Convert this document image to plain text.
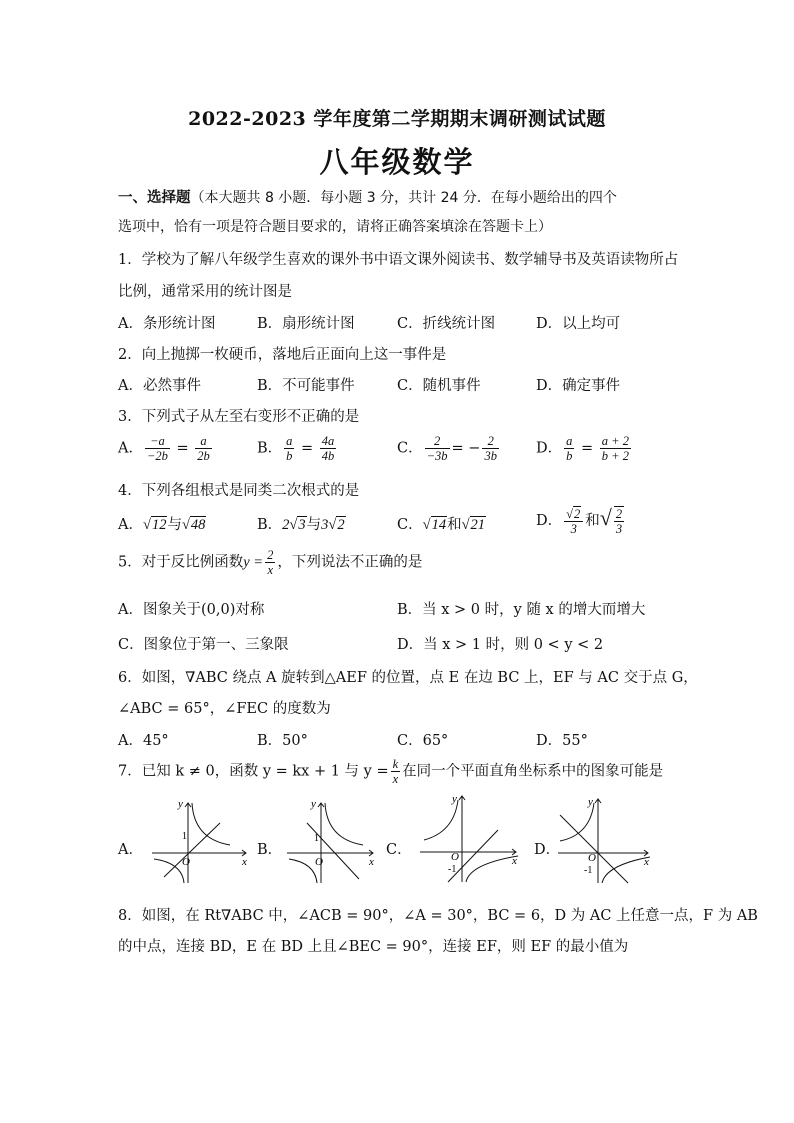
2022-2023 学年度第二学期期末调研测试试题
八年级数学
一、选择题（本大题共 8 小题．每小题 3 分，共计 24 分．在每小题给出的四个
选项中，恰有一项是符合题目要求的，请将正确答案填涂在答题卡上）
1．学校为了解八年级学生喜欢的课外书中语文课外阅读书、数学辅导书及英语读物所占
比例，通常采用的统计图是
A．条形统计图	B．扇形统计图	C．折线统计图	D．以上均可
2．向上抛掷一枚硬币，落地后正面向上这一事件是
A．必然事件	B．不可能事件	C．随机事件	D．确定事件
3．下列式子从左至右变形不正确的是
A． $\frac{-a}{-2b} = \frac{a}{2b}$	B． $\frac{a}{b} = \frac{4a}{4b}$	C． $\frac{2}{-3b}$ = − $\frac{2}{3b}$	D． $\frac{a}{b} = \frac{a + 2}{b + 2}$
4．下列各组根式是同类二次根式的是
A．√12与√48	B．2√3与3√2	C．√14和√21	D． $\frac{√2}{3}$ 和√ $\frac{2}{3}$
5．对于反比例函数$y = \frac{2}{x}$ ，下列说法不正确的是
A．图象关于(0,0)对称	B．当 x > 0 时，y 随 x 的增大而增大
C．图象位于第一、三象限	D．当 x > 1 时，则 0 < y < 2
6．如图，∇ABC 绕点 A 旋转到△AEF 的位置，点 E 在边 BC 上，EF 与 AC 交于点 G，
∠ABC = 65°，∠FEC 的度数为
A．45°	B．50°	C．65°	D．55°
7．已知 k ≠ 0，函数 y = kx + 1 与 $y = \frac{k}{x}$ 在同一个平面直角坐标系中的图象可能是
A．	B．	C．	D．
y
x
O
1
y
x
O
1
y
x
O
-1
y
x
O
-1
8．如图，在 Rt∇ABC 中，∠ACB = 90°，∠A = 30°，BC = 6，D 为 AC 上任意一点，F 为 AB
的中点，连接 BD，E 在 BD 上且∠BEC = 90°，连接 EF，则 EF 的最小值为
